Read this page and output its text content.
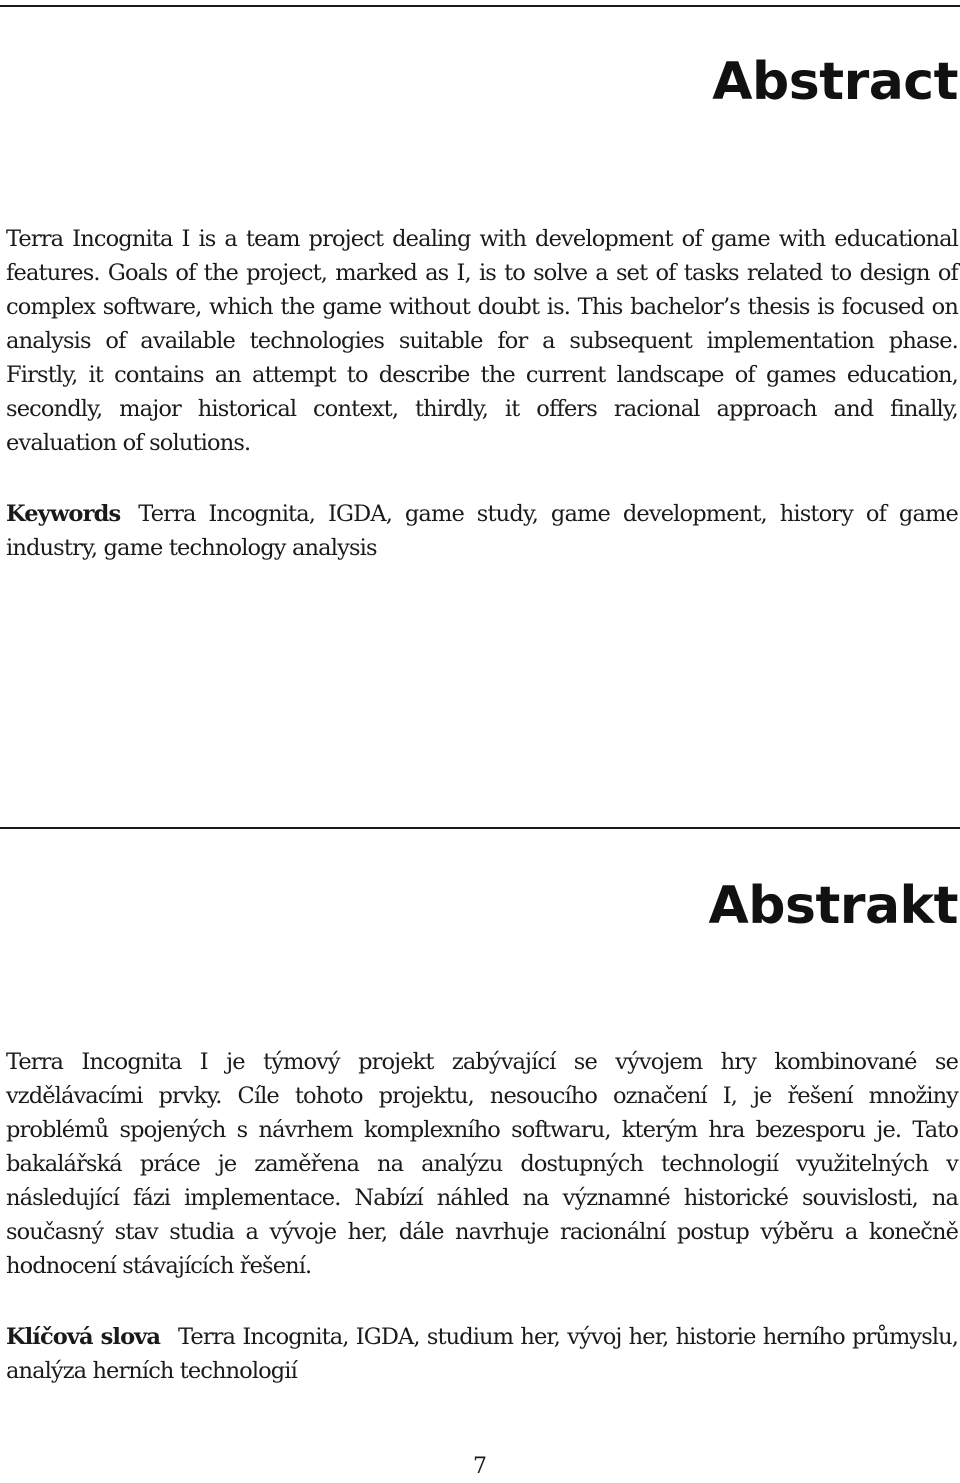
Abstract

Terra Incognita I is a team project dealing with development of game with educational features. Goals of the project, marked as I, is to solve a set of tasks related to design of complex software, which the game without doubt is. This bachelor’s thesis is focused on analysis of available technologies suitable for a subsequent implementation phase. Firstly, it contains an attempt to describe the current landscape of games education, secondly, major historical context, thirdly, it offers racional approach and finally, evaluation of solutions.

Keywords Terra Incognita, IGDA, game study, game development, history of game industry, game technology analysis

Abstrakt

Terra Incognita I je týmový projekt zabývající se vývojem hry kombinované se vzdělávacími prvky. Cíle tohoto projektu, nesoucího označení I, je řešení množiny problémů spojených s návrhem komplexního softwaru, kterým hra bezesporu je. Tato bakalářská práce je zaměřena na analýzu dostupných technologií využitelných v následující fázi implementace. Nabízí náhled na významné historické souvislosti, na současný stav studia a vývoje her, dále navrhuje racionální postup výběru a konečně hodnocení stávajících řešení.

Klíčová slova Terra Incognita, IGDA, studium her, vývoj her, historie herního průmyslu, analýza herních technologií

7
